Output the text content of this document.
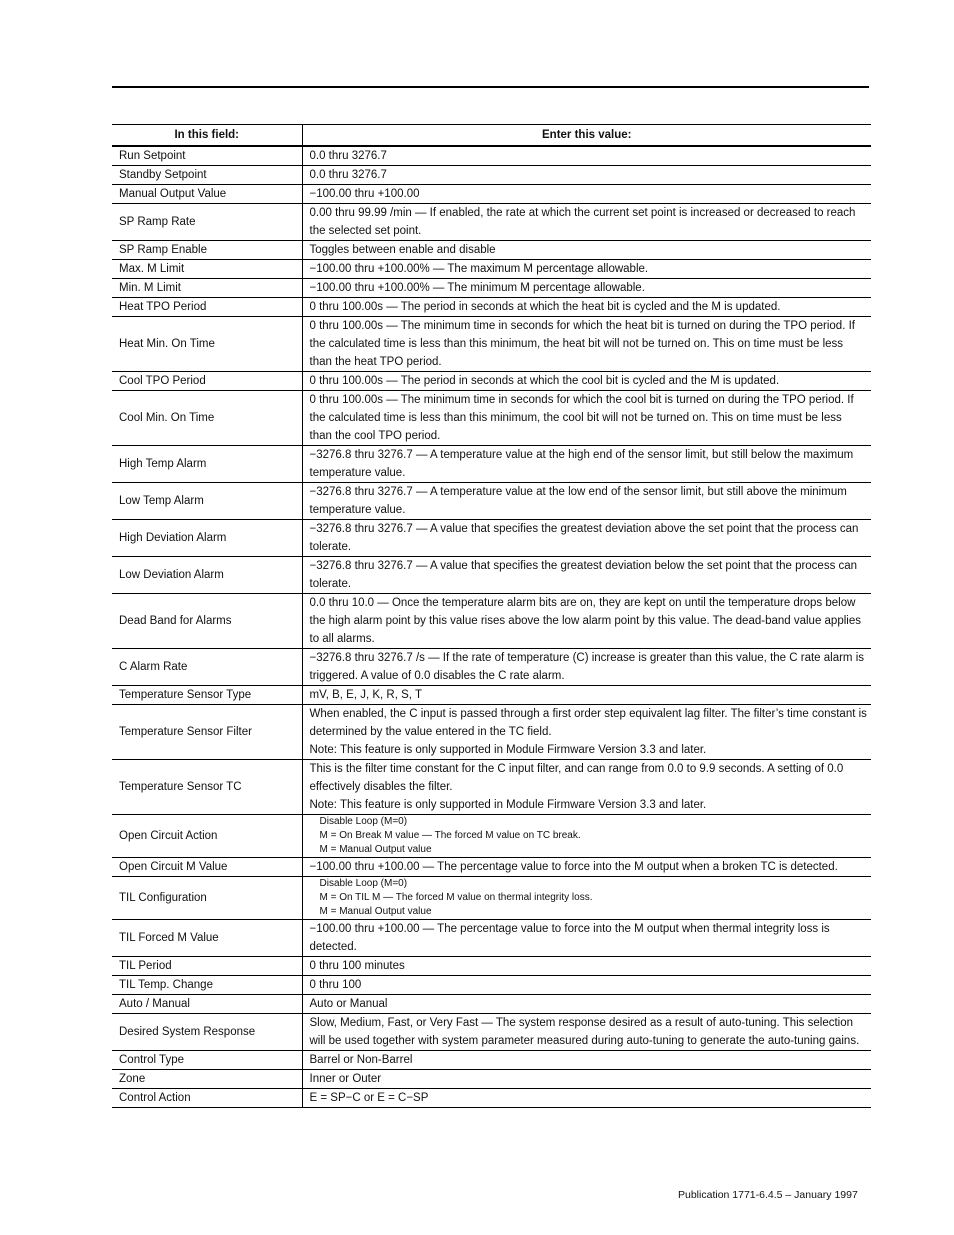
In this field:	Enter this value:
Run Setpoint	0.0 thru 3276.7
Standby Setpoint	0.0 thru 3276.7
Manual Output Value	−100.00 thru +100.00
SP Ramp Rate	0.00 thru 99.99 /min — If enabled, the rate at which the current set point is increased or decreased to reach the selected set point.
SP Ramp Enable	Toggles between enable and disable
Max. M Limit	−100.00 thru +100.00% — The maximum M percentage allowable.
Min. M Limit	−100.00 thru +100.00% — The minimum M percentage allowable.
Heat TPO Period	0 thru 100.00s — The period in seconds at which the heat bit is cycled and the M is updated.
Heat Min. On Time	0 thru 100.00s — The minimum time in seconds for which the heat bit is turned on during the TPO period. If the calculated time is less than this minimum, the heat bit will not be turned on. This on time must be less than the heat TPO period.
Cool TPO Period	0 thru 100.00s — The period in seconds at which the cool bit is cycled and the M is updated.
Cool Min. On Time	0 thru 100.00s — The minimum time in seconds for which the cool bit is turned on during the TPO period. If the calculated time is less than this minimum, the cool bit will not be turned on. This on time must be less than the cool TPO period.
High Temp Alarm	−3276.8 thru 3276.7 — A temperature value at the high end of the sensor limit, but still below the maximum temperature value.
Low Temp Alarm	−3276.8 thru 3276.7 — A temperature value at the low end of the sensor limit, but still above the minimum temperature value.
High Deviation Alarm	−3276.8 thru 3276.7 — A value that specifies the greatest deviation above the set point that the process can tolerate.
Low Deviation Alarm	−3276.8 thru 3276.7 — A value that specifies the greatest deviation below the set point that the process can tolerate.
Dead Band for Alarms	0.0 thru 10.0 — Once the temperature alarm bits are on, they are kept on until the temperature drops below the high alarm point by this value rises above the low alarm point by this value. The dead-band value applies to all alarms.
C Alarm Rate	−3276.8 thru 3276.7 /s — If the rate of temperature (C) increase is greater than this value, the C rate alarm is triggered. A value of 0.0 disables the C rate alarm.
Temperature Sensor Type	mV, B, E, J, K, R, S, T
Temperature Sensor Filter	When enabled, the C input is passed through a first order step equivalent lag filter. The filter’s time constant is determined by the value entered in the TC field.
Note: This feature is only supported in Module Firmware Version 3.3 and later.
Temperature Sensor TC	This is the filter time constant for the C input filter, and can range from 0.0 to 9.9 seconds. A setting of 0.0 effectively disables the filter.
Note: This feature is only supported in Module Firmware Version 3.3 and later.
Open Circuit Action	Disable Loop (M=0)
M = On Break M value — The forced M value on TC break.
M = Manual Output value

Open Circuit M Value	−100.00 thru +100.00 — The percentage value to force into the M output when a broken TC is detected.
TIL Configuration	Disable Loop (M=0)
M = On TIL M — The forced M value on thermal integrity loss.
M = Manual Output value

TIL Forced M Value	−100.00 thru +100.00 — The percentage value to force into the M output when thermal integrity loss is detected.
TIL Period	0 thru 100 minutes
TIL Temp. Change	0 thru 100
Auto / Manual	Auto or Manual
Desired System Response	Slow, Medium, Fast, or Very Fast — The system response desired as a result of auto-tuning. This selection will be used together with system parameter measured during auto-tuning to generate the auto-tuning gains.
Control Type	Barrel or Non-Barrel
Zone	Inner or Outer
Control Action	E = SP−C or E = C−SP
Publication 1771-6.4.5 – January 1997
